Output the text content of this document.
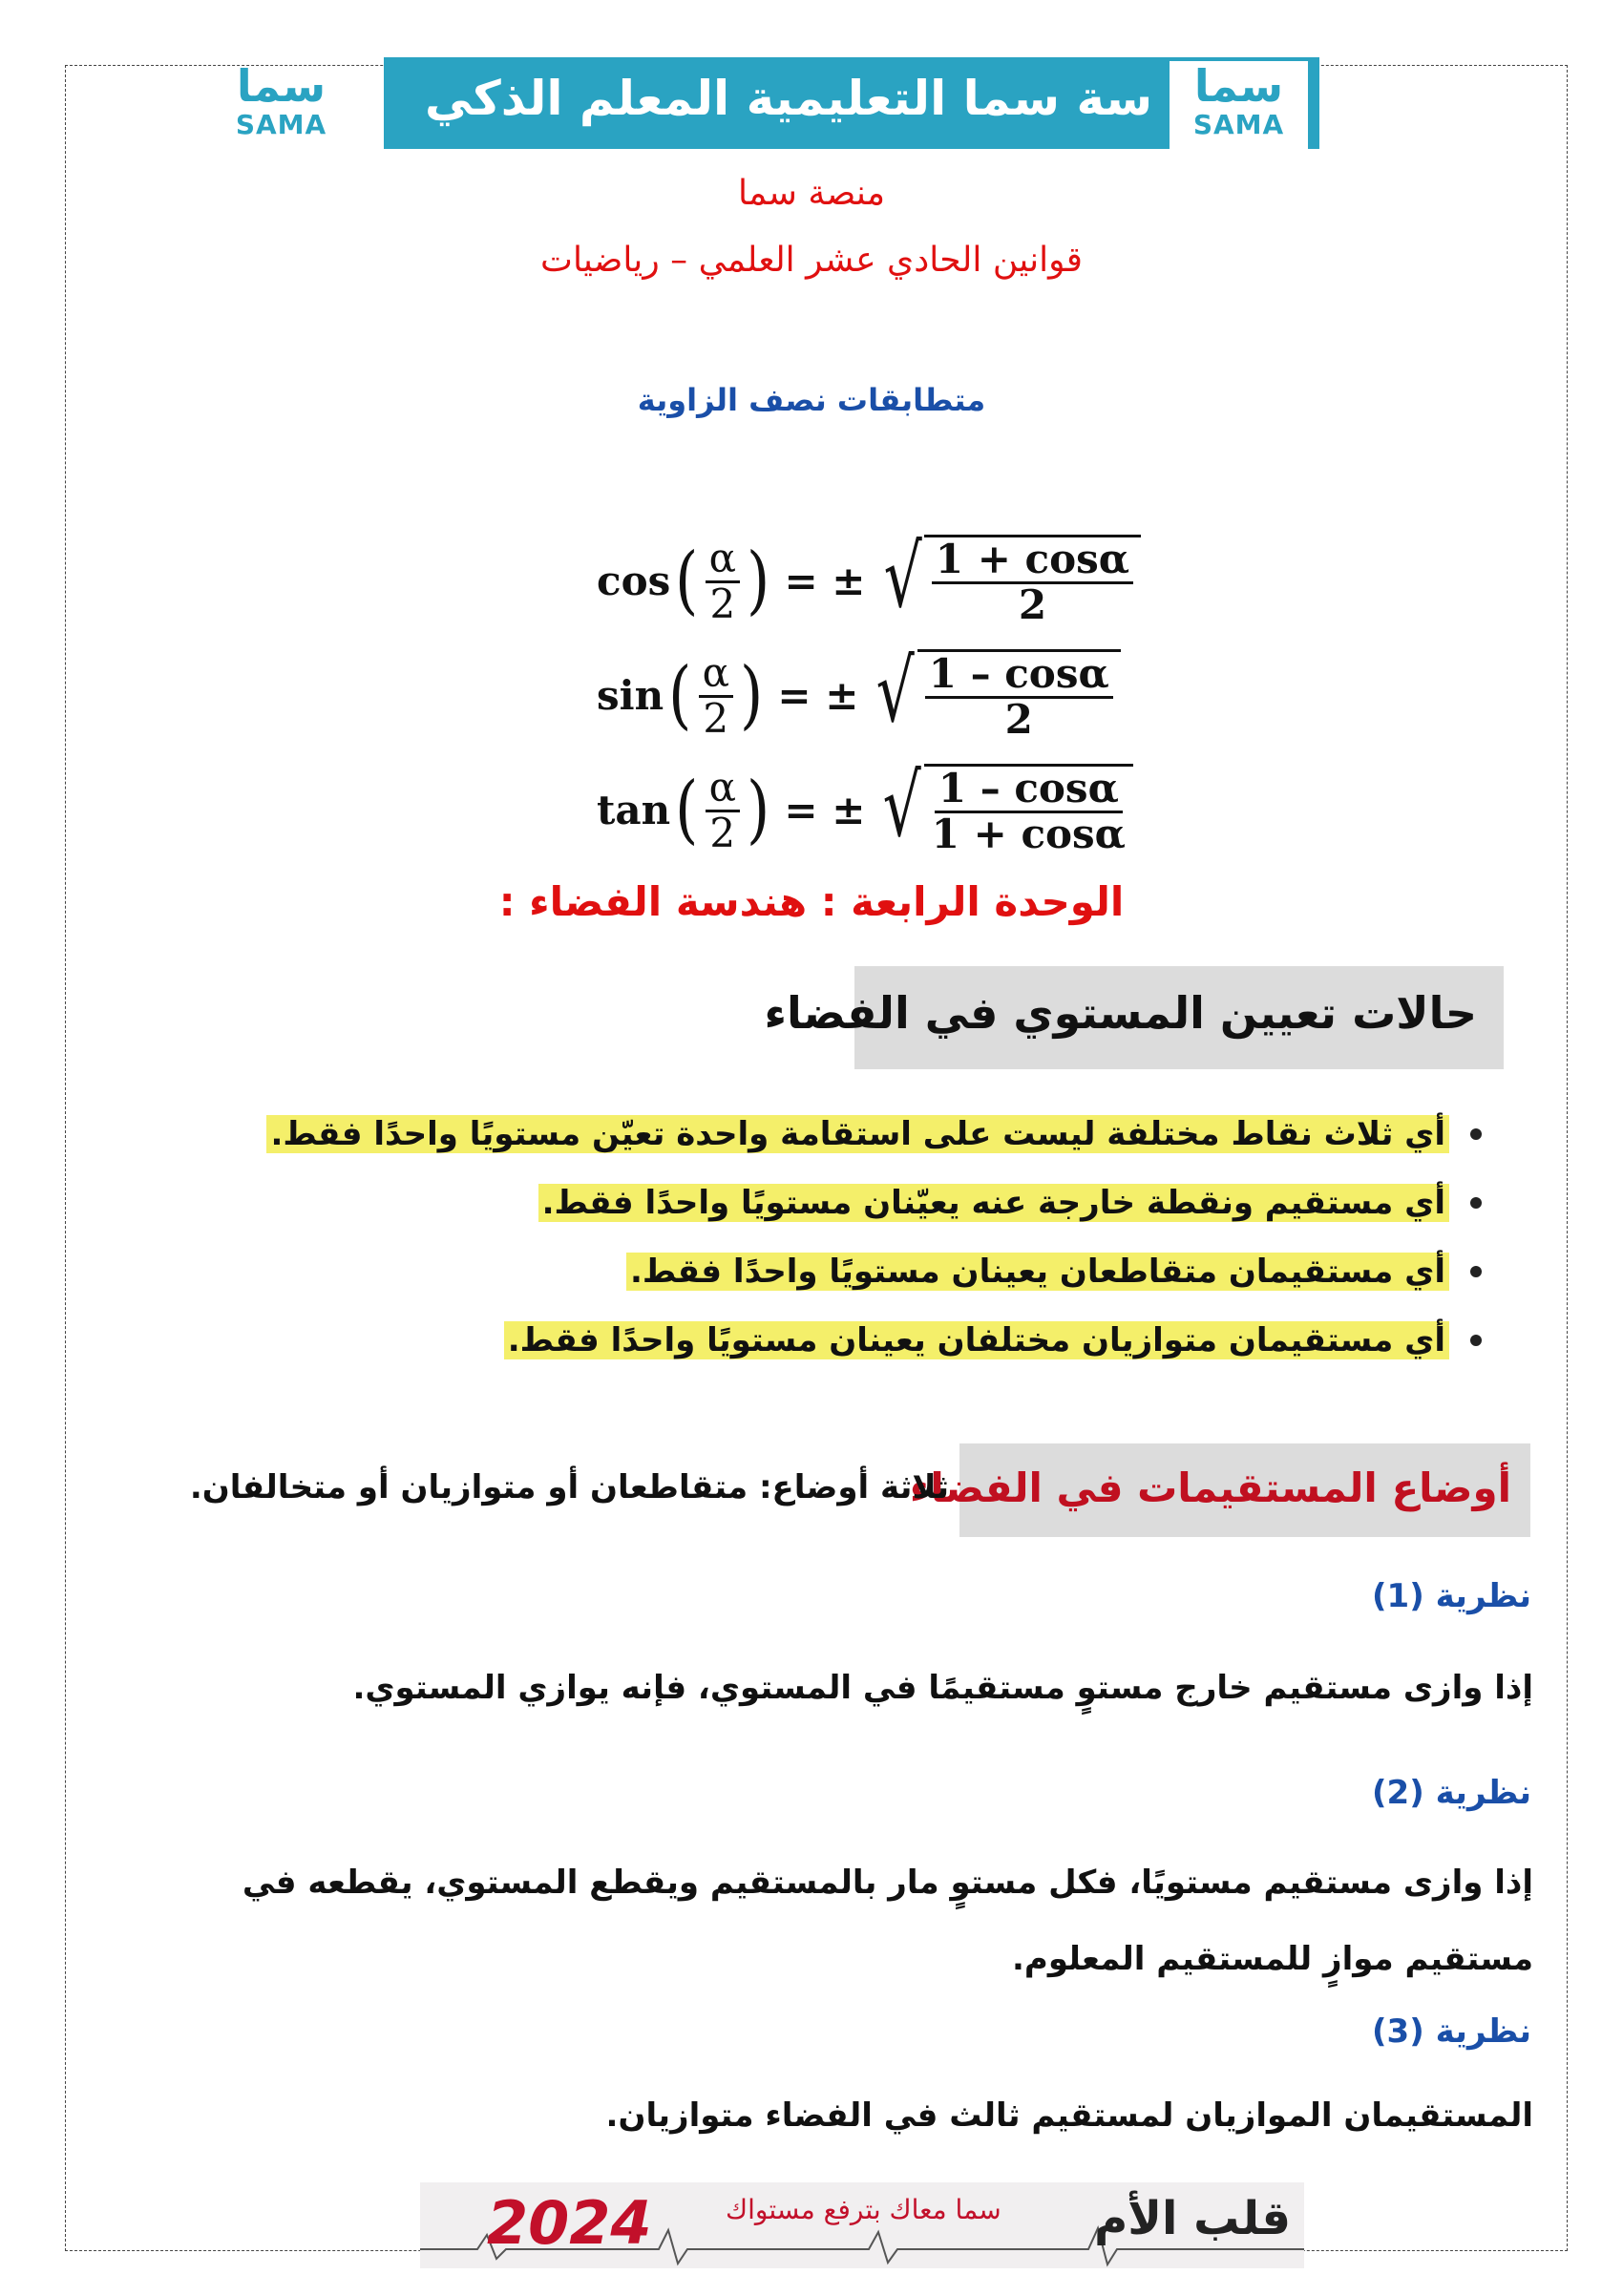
سما
SAMA	سة سما التعليمية المعلم الذكي سما
SAMA
منصة سما
قوانين الحادي عشر العلمي – رياضيات
متطابقات نصف الزاوية
cos ( $\frac{\alpha}{2}$ ) = ± √ $\frac{1 + \cos\alpha}{2}$
sin ( $\frac{\alpha}{2}$ ) = ± √ $\frac{1 - \cos\alpha}{2}$
tan ( $\frac{\alpha}{2}$ ) = ± √ $\frac{1 - \cos\alpha}{1 + \cos\alpha}$
الوحدة الرابعة : هندسة الفضاء :
حالات تعيين المستوي في الفضاء
أي ثلاث نقاط مختلفة ليست على استقامة واحدة تعيّن مستويًا واحدًا فقط.
أي مستقيم ونقطة خارجة عنه يعيّنان مستويًا واحدًا فقط.
أي مستقيمان متقاطعان يعينان مستويًا واحدًا فقط.
أي مستقيمان متوازيان مختلفان يعينان مستويًا واحدًا فقط.
أوضاع المستقيمات في الفضاء
ثلاثة أوضاع: متقاطعان أو متوازيان أو متخالفان.
نظرية (1)
إذا وازى مستقيم خارج مستوٍ مستقيمًا في المستوي، فإنه يوازي المستوي.
نظرية (2)
إذا وازى مستقيم مستويًا، فكل مستوٍ مار بالمستقيم ويقطع المستوي، يقطعه في
مستقيم موازٍ للمستقيم المعلوم.
نظرية (3)
المستقيمان الموازيان لمستقيم ثالث في الفضاء متوازيان.
2024	سما معاك بترفع مستواك قلب الأم
